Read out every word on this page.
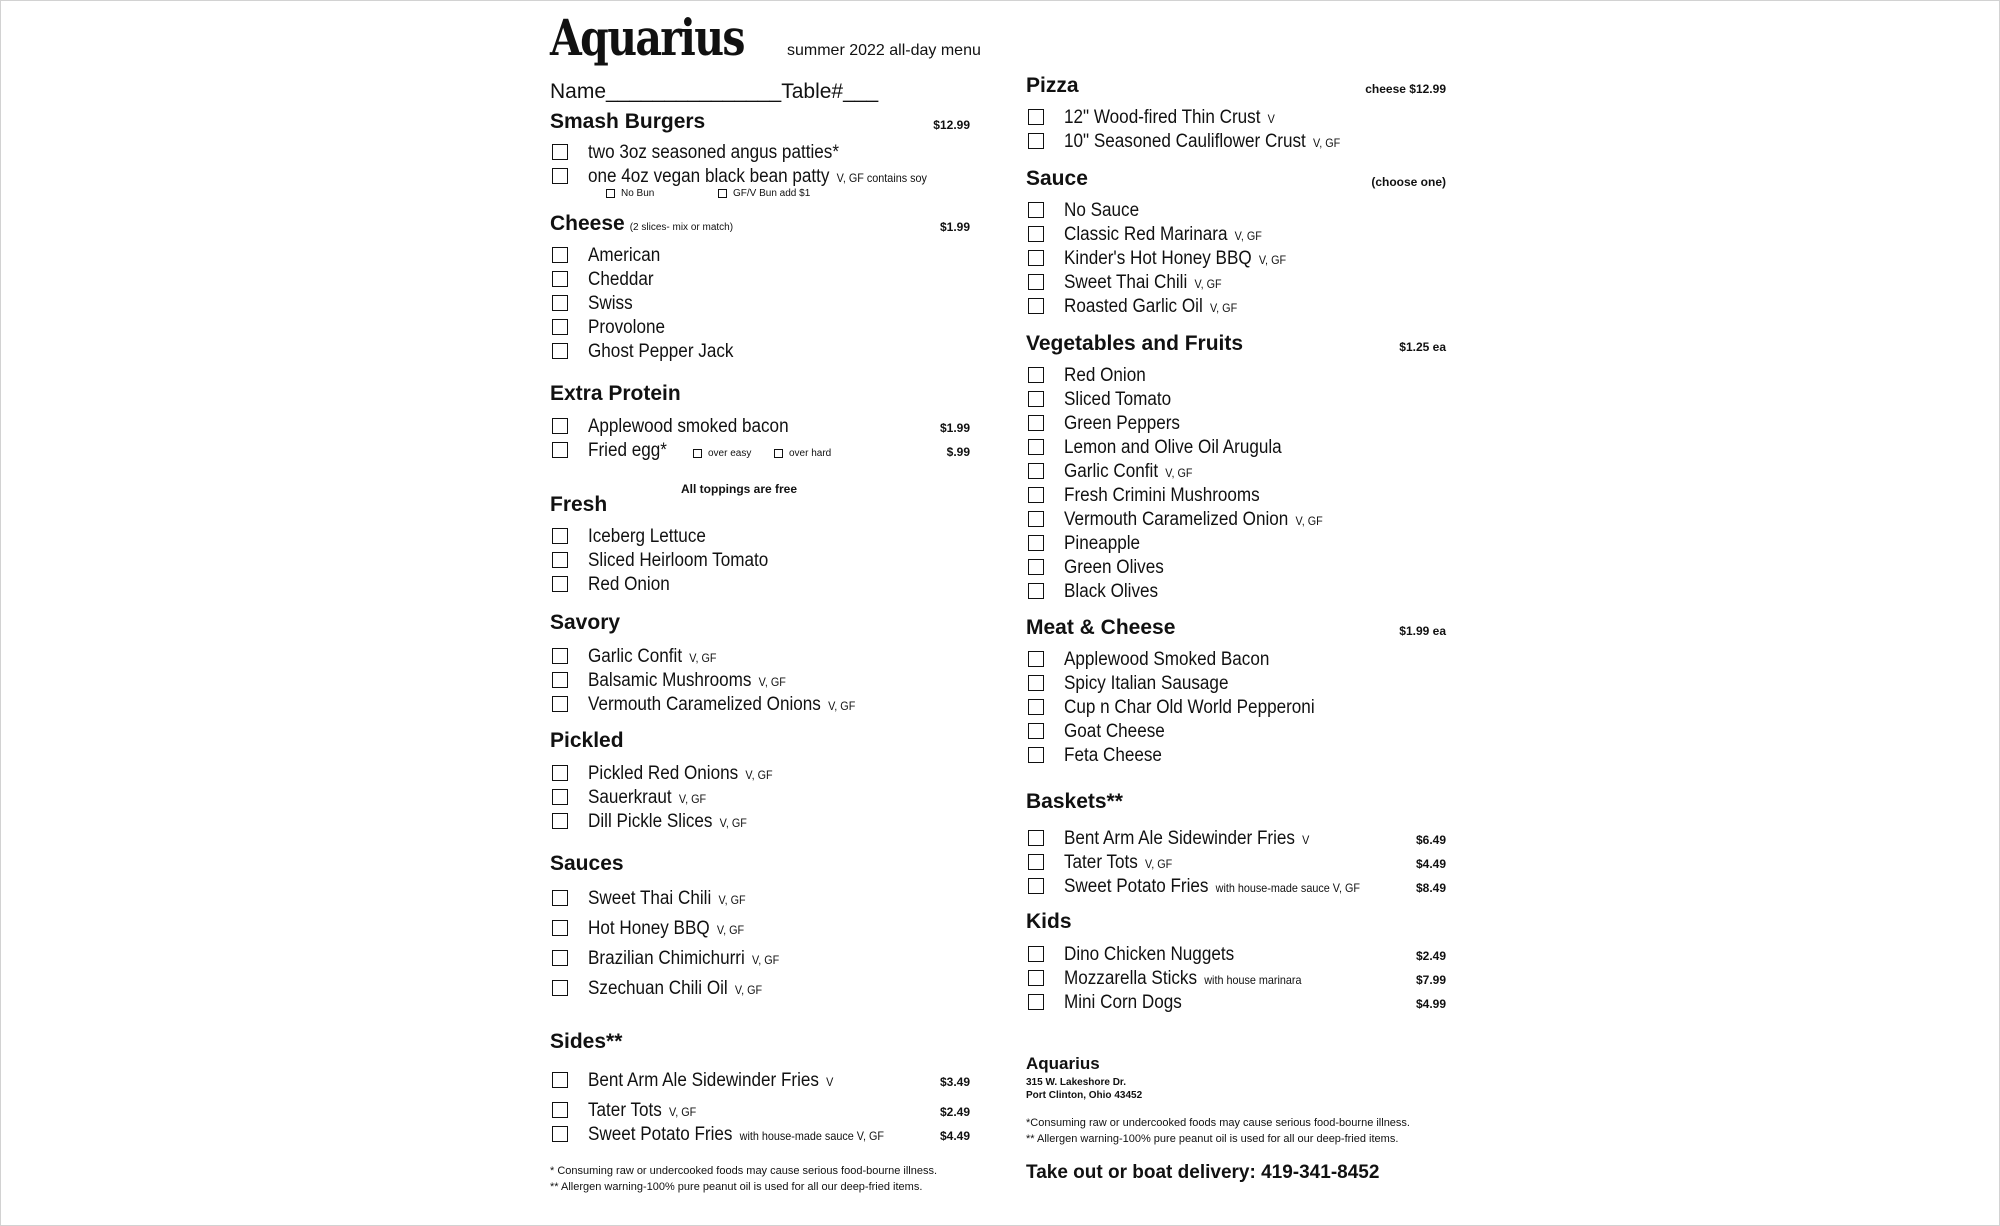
Aquarius	summer 2022 all-day menu
Name_______________Table#___
Smash Burgers	$12.99
two 3oz seasoned angus patties*
one 4oz vegan black bean patty V, GF contains soy
No Bun	GF/V Bun add $1
Cheese (2 slices- mix or match)	$1.99
American
Cheddar
Swiss
Provolone
Ghost Pepper Jack
Extra Protein
Applewood smoked bacon	$1.99
Fried egg*	$.99
over easy	over hard
All toppings are free
Fresh
Iceberg Lettuce
Sliced Heirloom Tomato
Red Onion
Savory
Garlic Confit V, GF
Balsamic Mushrooms V, GF
Vermouth Caramelized Onions V, GF
Pickled
Pickled Red Onions V, GF
Sauerkraut V, GF
Dill Pickle Slices V, GF
Sauces
Sweet Thai Chili V, GF
Hot Honey BBQ V, GF
Brazilian Chimichurri V, GF
Szechuan Chili Oil V, GF
Sides**
Bent Arm Ale Sidewinder Fries V	$3.49
Tater Tots V, GF	$2.49
Sweet Potato Fries with house-made sauce V, GF	$4.49
* Consuming raw or undercooked foods may cause serious food-bourne illness.
** Allergen warning-100% pure peanut oil is used for all our deep-fried items.
Pizza	cheese $12.99
12" Wood-fired Thin Crust V
10" Seasoned Cauliflower Crust V, GF
Sauce	(choose one)
No Sauce
Classic Red Marinara V, GF
Kinder's Hot Honey BBQ V, GF
Sweet Thai Chili V, GF
Roasted Garlic Oil V, GF
Vegetables and Fruits	$1.25 ea
Red Onion
Sliced Tomato
Green Peppers
Lemon and Olive Oil Arugula
Garlic Confit V, GF
Fresh Crimini Mushrooms
Vermouth Caramelized Onion V, GF
Pineapple
Green Olives
Black Olives
Meat & Cheese	$1.99 ea
Applewood Smoked Bacon
Spicy Italian Sausage
Cup n Char Old World Pepperoni
Goat Cheese
Feta Cheese
Baskets**
Bent Arm Ale Sidewinder Fries V	$6.49
Tater Tots V, GF	$4.49
Sweet Potato Fries with house-made sauce V, GF	$8.49
Kids
Dino Chicken Nuggets	$2.49
Mozzarella Sticks with house marinara	$7.99
Mini Corn Dogs	$4.99
Aquarius
315 W. Lakeshore Dr.
Port Clinton, Ohio 43452
*Consuming raw or undercooked foods may cause serious food-bourne illness.
** Allergen warning-100% pure peanut oil is used for all our deep-fried items.
Take out or boat delivery: 419-341-8452
